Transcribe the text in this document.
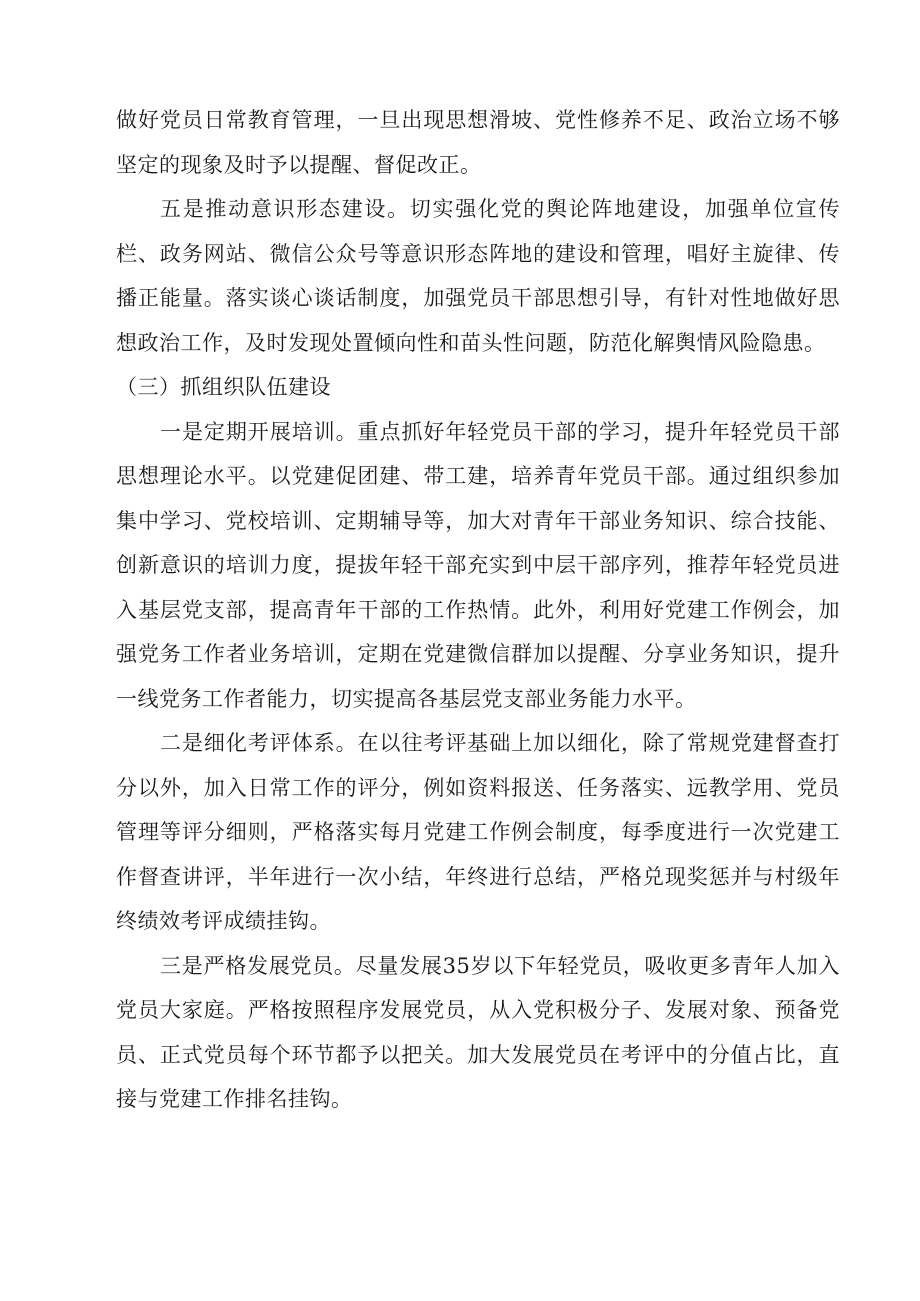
做好党员日常教育管理，一旦出现思想滑坡、党性修养不足、政治立场不够坚定的现象及时予以提醒、督促改正。

五是推动意识形态建设。切实强化党的舆论阵地建设，加强单位宣传栏、政务网站、微信公众号等意识形态阵地的建设和管理，唱好主旋律、传播正能量。落实谈心谈话制度，加强党员干部思想引导，有针对性地做好思想政治工作，及时发现处置倾向性和苗头性问题，防范化解舆情风险隐患。

（三）抓组织队伍建设

一是定期开展培训。重点抓好年轻党员干部的学习，提升年轻党员干部思想理论水平。以党建促团建、带工建，培养青年党员干部。通过组织参加集中学习、党校培训、定期辅导等，加大对青年干部业务知识、综合技能、创新意识的培训力度，提拔年轻干部充实到中层干部序列，推荐年轻党员进入基层党支部，提高青年干部的工作热情。此外，利用好党建工作例会，加强党务工作者业务培训，定期在党建微信群加以提醒、分享业务知识，提升一线党务工作者能力，切实提高各基层党支部业务能力水平。

二是细化考评体系。在以往考评基础上加以细化，除了常规党建督查打分以外，加入日常工作的评分，例如资料报送、任务落实、远教学用、党员管理等评分细则，严格落实每月党建工作例会制度，每季度进行一次党建工作督查讲评，半年进行一次小结，年终进行总结，严格兑现奖惩并与村级年终绩效考评成绩挂钩。

三是严格发展党员。尽量发展35岁以下年轻党员，吸收更多青年人加入党员大家庭。严格按照程序发展党员，从入党积极分子、发展对象、预备党员、正式党员每个环节都予以把关。加大发展党员在考评中的分值占比，直接与党建工作排名挂钩。
